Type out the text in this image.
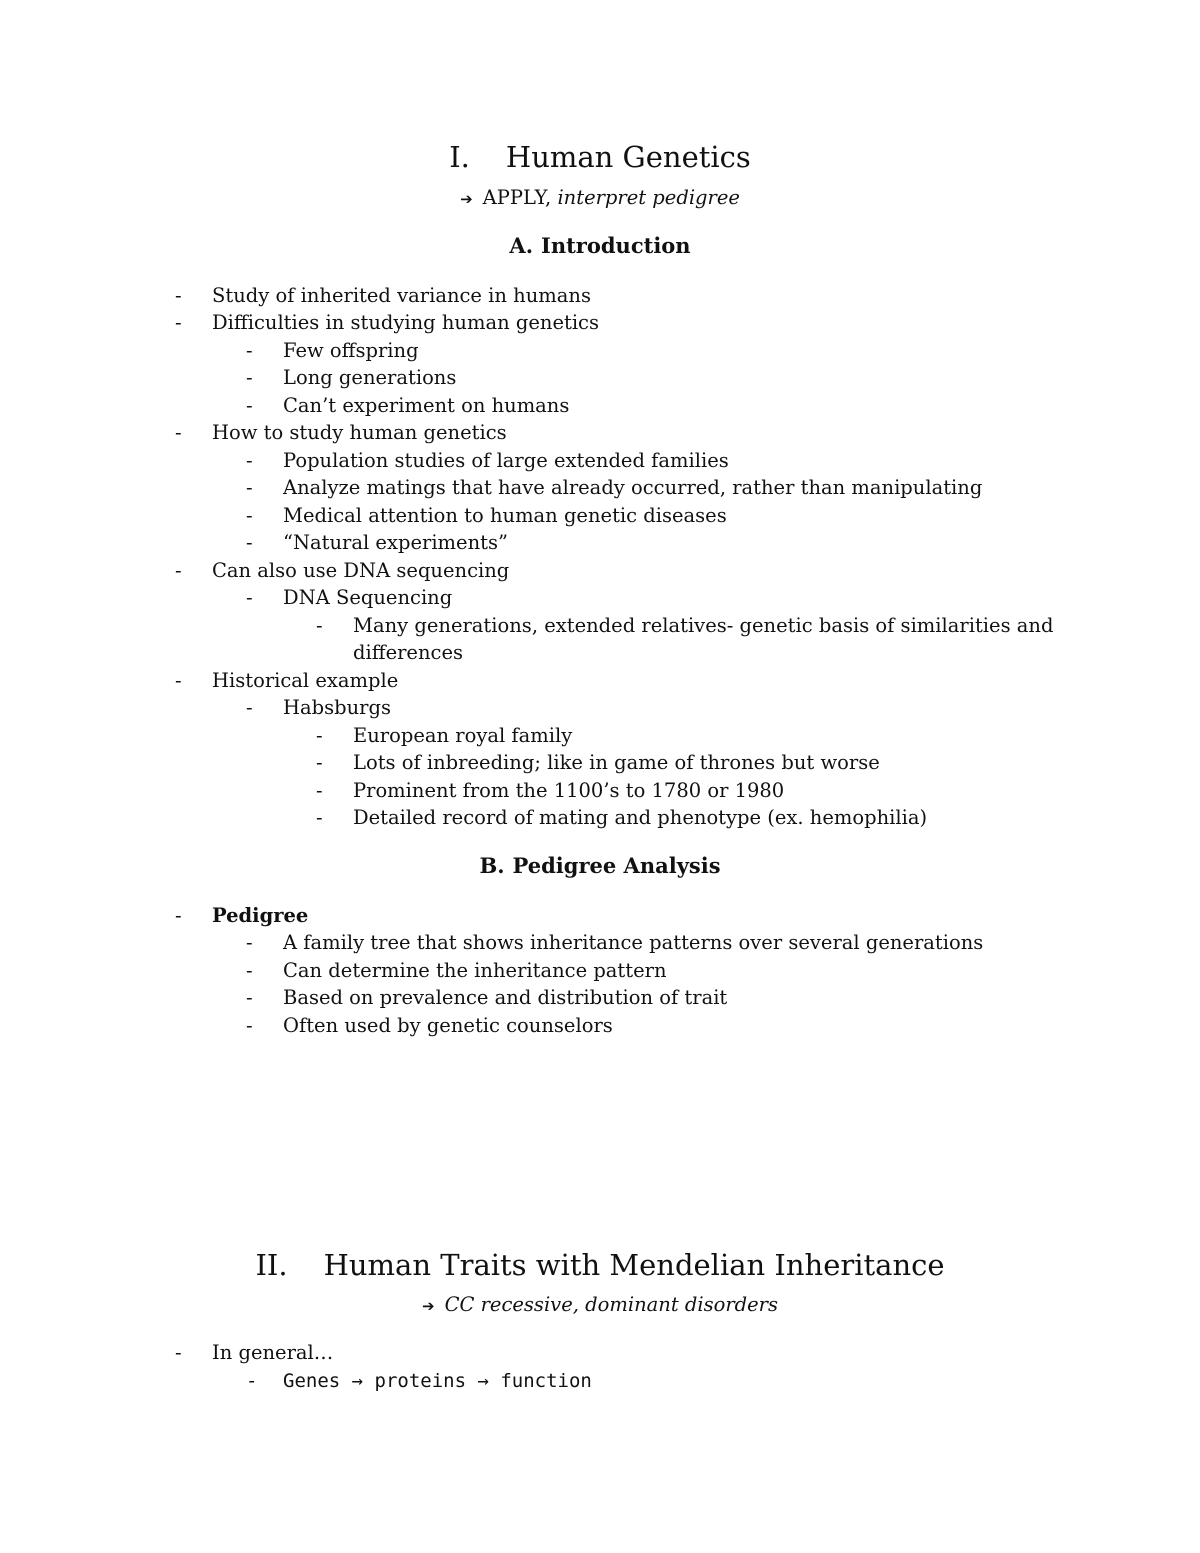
I. Human Genetics
➔ APPLY, interpret pedigree
A. Introduction
- Study of inherited variance in humans
- Difficulties in studying human genetics
- Few offspring
- Long generations
- Can’t experiment on humans
- How to study human genetics
- Population studies of large extended families
- Analyze matings that have already occurred, rather than manipulating
- Medical attention to human genetic diseases
- “Natural experiments”
- Can also use DNA sequencing
- DNA Sequencing
- Many generations, extended relatives- genetic basis of similarities and
differences
- Historical example
- Habsburgs
- European royal family
- Lots of inbreeding; like in game of thrones but worse
- Prominent from the 1100’s to 1780 or 1980
- Detailed record of mating and phenotype (ex. hemophilia)
B. Pedigree Analysis
- Pedigree
- A family tree that shows inheritance patterns over several generations
- Can determine the inheritance pattern
- Based on prevalence and distribution of trait
- Often used by genetic counselors
II. Human Traits with Mendelian Inheritance
➔ CC recessive, dominant disorders
- In general…
- Genes → proteins → function
